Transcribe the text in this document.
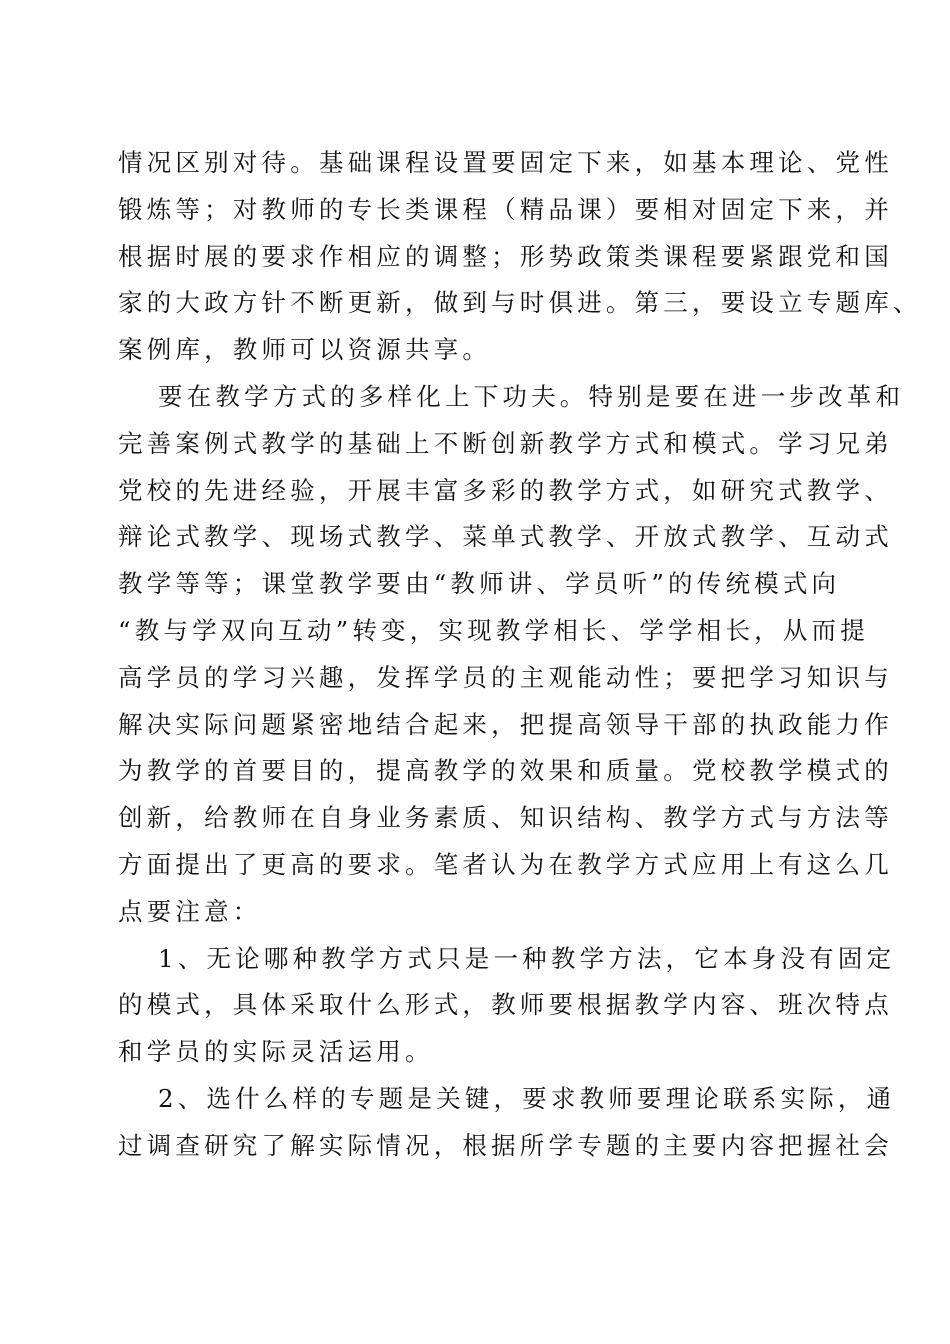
情况区别对待。基础课程设置要固定下来，如基本理论、党性
锻炼等；对教师的专长类课程（精品课）要相对固定下来，并
根据时展的要求作相应的调整；形势政策类课程要紧跟党和国
家的大政方针不断更新，做到与时俱进。第三，要设立专题库、
案例库，教师可以资源共享。
要在教学方式的多样化上下功夫。特别是要在进一步改革和
完善案例式教学的基础上不断创新教学方式和模式。学习兄弟
党校的先进经验，开展丰富多彩的教学方式，如研究式教学、
辩论式教学、现场式教学、菜单式教学、开放式教学、互动式
教学等等；课堂教学要由“教师讲、学员听”的传统模式向
“教与学双向互动”转变，实现教学相长、学学相长，从而提
高学员的学习兴趣，发挥学员的主观能动性；要把学习知识与
解决实际问题紧密地结合起来，把提高领导干部的执政能力作
为教学的首要目的，提高教学的效果和质量。党校教学模式的
创新，给教师在自身业务素质、知识结构、教学方式与方法等
方面提出了更高的要求。笔者认为在教学方式应用上有这么几
点要注意：
1、无论哪种教学方式只是一种教学方法，它本身没有固定
的模式，具体采取什么形式，教师要根据教学内容、班次特点
和学员的实际灵活运用。
2、选什么样的专题是关键，要求教师要理论联系实际，通
过调查研究了解实际情况，根据所学专题的主要内容把握社会
